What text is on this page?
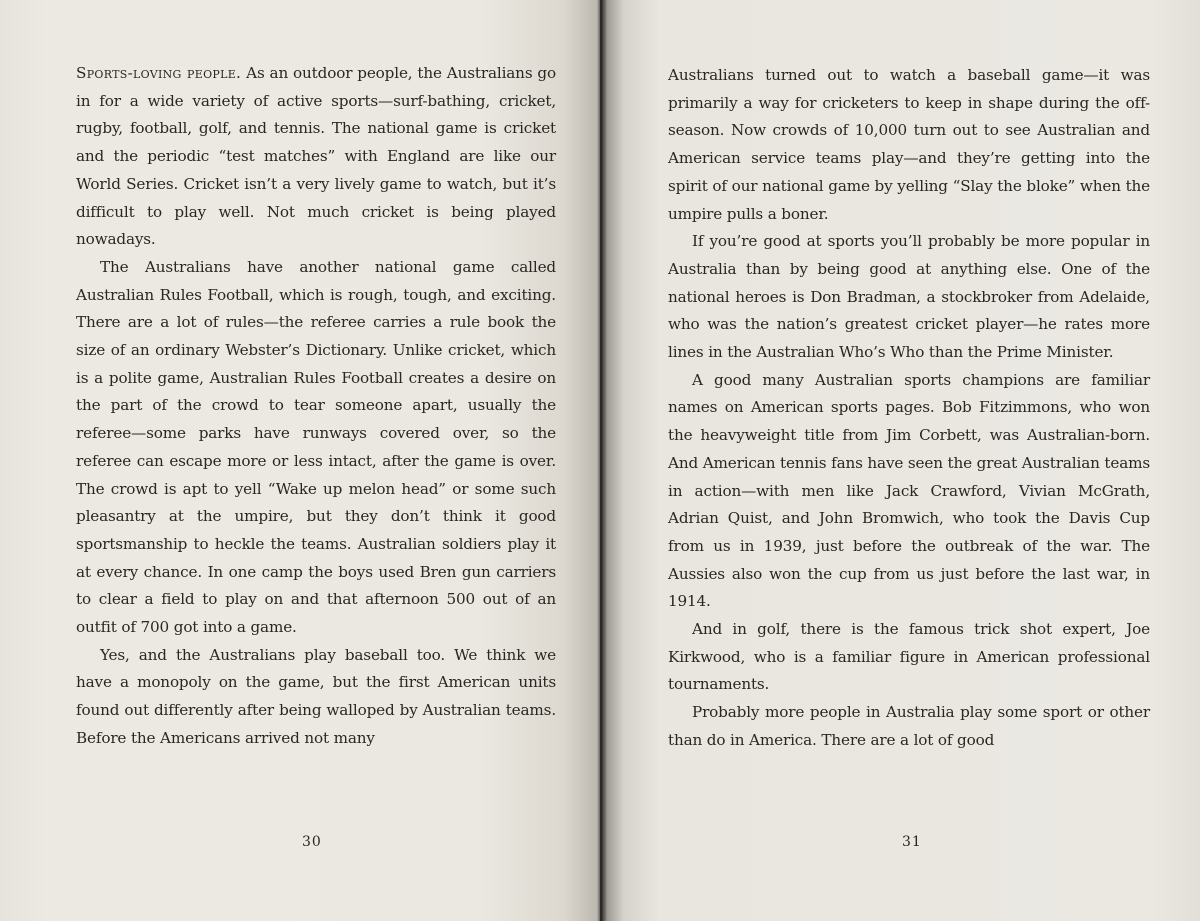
Sports-loving people. As an outdoor people, the Australians go in for a wide variety of active sports—surf-bathing, cricket, rugby, football, golf, and tennis. The national game is cricket and the periodic “test matches” with England are like our World Series. Cricket isn’t a very lively game to watch, but it’s difficult to play well. Not much cricket is being played nowadays.

The Australians have another national game called Australian Rules Football, which is rough, tough, and exciting. There are a lot of rules—the referee carries a rule book the size of an ordinary Webster’s Dictionary. Unlike cricket, which is a polite game, Australian Rules Football creates a desire on the part of the crowd to tear someone apart, usually the referee—some parks have runways covered over, so the referee can escape more or less intact, after the game is over. The crowd is apt to yell “Wake up melon head” or some such pleasantry at the umpire, but they don’t think it good sportsmanship to heckle the teams. Australian soldiers play it at every chance. In one camp the boys used Bren gun carriers to clear a field to play on and that afternoon 500 out of an outfit of 700 got into a game.

Yes, and the Australians play baseball too. We think we have a monopoly on the game, but the first American units found out differently after being walloped by Australian teams. Before the Americans arrived not many

30

Australians turned out to watch a baseball game—it was primarily a way for cricketers to keep in shape during the off-season. Now crowds of 10,000 turn out to see Australian and American service teams play—and they’re getting into the spirit of our national game by yelling “Slay the bloke” when the umpire pulls a boner.

If you’re good at sports you’ll probably be more popular in Australia than by being good at anything else. One of the national heroes is Don Bradman, a stockbroker from Adelaide, who was the nation’s greatest cricket player—he rates more lines in the Australian Who’s Who than the Prime Minister.

A good many Australian sports champions are familiar names on American sports pages. Bob Fitzimmons, who won the heavyweight title from Jim Corbett, was Australian-born. And American tennis fans have seen the great Australian teams in action—with men like Jack Crawford, Vivian McGrath, Adrian Quist, and John Bromwich, who took the Davis Cup from us in 1939, just before the outbreak of the war. The Aussies also won the cup from us just before the last war, in 1914.

And in golf, there is the famous trick shot expert, Joe Kirkwood, who is a familiar figure in American professional tournaments.

Probably more people in Australia play some sport or other than do in America. There are a lot of good

31
